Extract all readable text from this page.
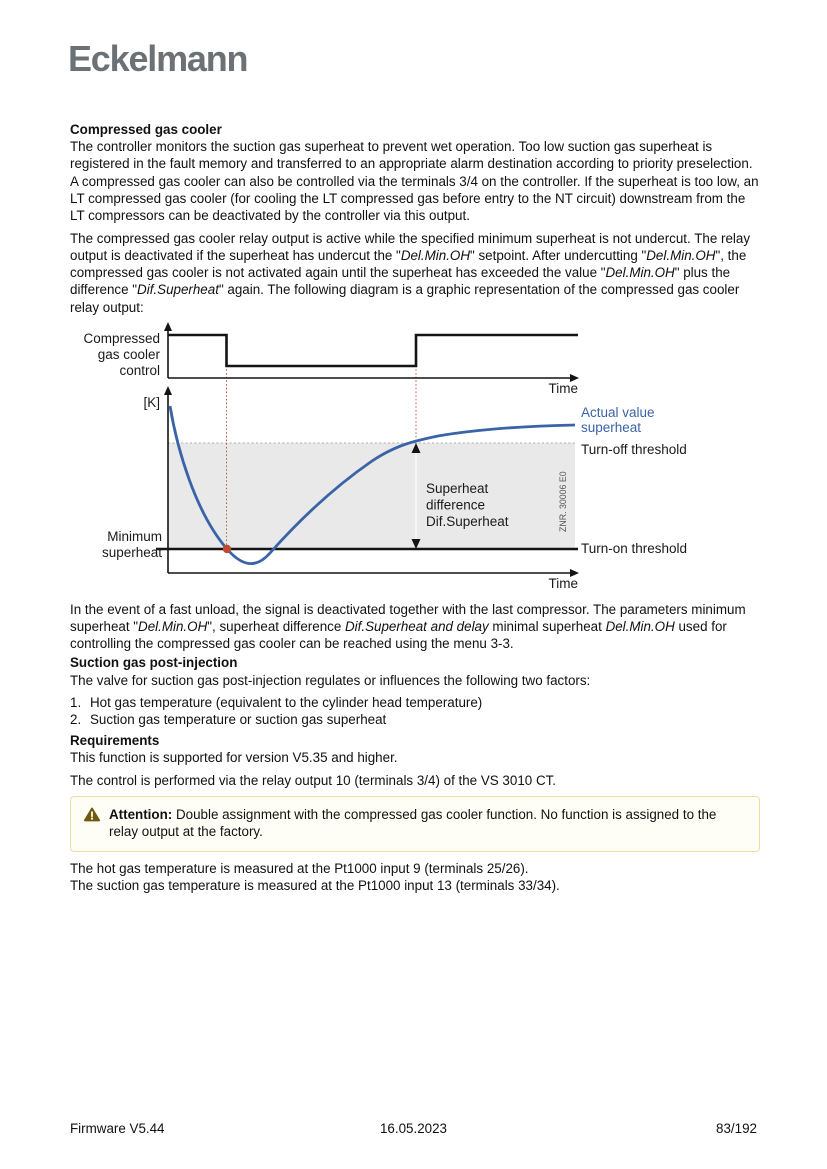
Eckelmann
Compressed gas cooler
The controller monitors the suction gas superheat to prevent wet operation. Too low suction gas superheat is registered in the fault memory and transferred to an appropriate alarm destination according to priority preselection. A compressed gas cooler can also be controlled via the terminals 3/4 on the controller. If the superheat is too low, an LT compressed gas cooler (for cooling the LT compressed gas before entry to the NT circuit) downstream from the LT compressors can be deactivated by the controller via this output.
The compressed gas cooler relay output is active while the specified minimum superheat is not undercut. The relay output is deactivated if the superheat has undercut the "Del.Min.OH" setpoint. After undercutting "Del.Min.OH", the compressed gas cooler is not activated again until the superheat has exceeded the value "Del.Min.OH" plus the difference "Dif.Superheat" again. The following diagram is a graphic representation of the compressed gas cooler relay output:
Compressed
gas cooler
control
Time
[K]
Actual value
superheat
Turn-off threshold
Turn-on threshold
Superheat
difference
Dif.Superheat	ZNR. 30006 E0
Minimum
superheat
Time
In the event of a fast unload, the signal is deactivated together with the last compressor. The parameters minimum superheat "Del.Min.OH", superheat difference Dif.Superheat and delay minimal superheat Del.Min.OH used for controlling the compressed gas cooler can be reached using the menu 3-3.
Suction gas post-injection
The valve for suction gas post-injection regulates or influences the following two factors:
1. Hot gas temperature (equivalent to the cylinder head temperature)
2. Suction gas temperature or suction gas superheat
Requirements
This function is supported for version V5.35 and higher.
The control is performed via the relay output 10 (terminals 3/4) of the VS 3010 CT.
Attention: Double assignment with the compressed gas cooler function. No function is assigned to the relay output at the factory.
The hot gas temperature is measured at the Pt1000 input 9 (terminals 25/26).
The suction gas temperature is measured at the Pt1000 input 13 (terminals 33/34).
16.05.2023
Firmware V5.44	83/192
